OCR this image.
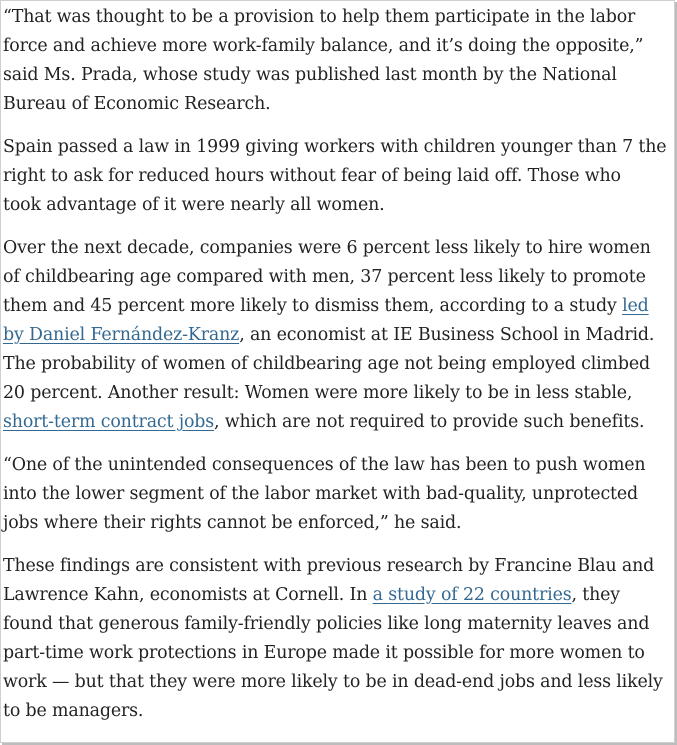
“That was thought to be a provision to help them participate in the labor
force and achieve more work-family balance, and it’s doing the opposite,”
said Ms. Prada, whose study was published last month by the National
Bureau of Economic Research.

Spain passed a law in 1999 giving workers with children younger than 7 the
right to ask for reduced hours without fear of being laid off. Those who
took advantage of it were nearly all women.

Over the next decade, companies were 6 percent less likely to hire women
of childbearing age compared with men, 37 percent less likely to promote
them and 45 percent more likely to dismiss them, according to a study led
by Daniel Fernández-Kranz, an economist at IE Business School in Madrid.
The probability of women of childbearing age not being employed climbed
20 percent. Another result: Women were more likely to be in less stable,
short-term contract jobs, which are not required to provide such benefits.

“One of the unintended consequences of the law has been to push women
into the lower segment of the labor market with bad-quality, unprotected
jobs where their rights cannot be enforced,” he said.

These findings are consistent with previous research by Francine Blau and
Lawrence Kahn, economists at Cornell. In a study of 22 countries, they
found that generous family-friendly policies like long maternity leaves and
part-time work protections in Europe made it possible for more women to
work — but that they were more likely to be in dead-end jobs and less likely
to be managers.
